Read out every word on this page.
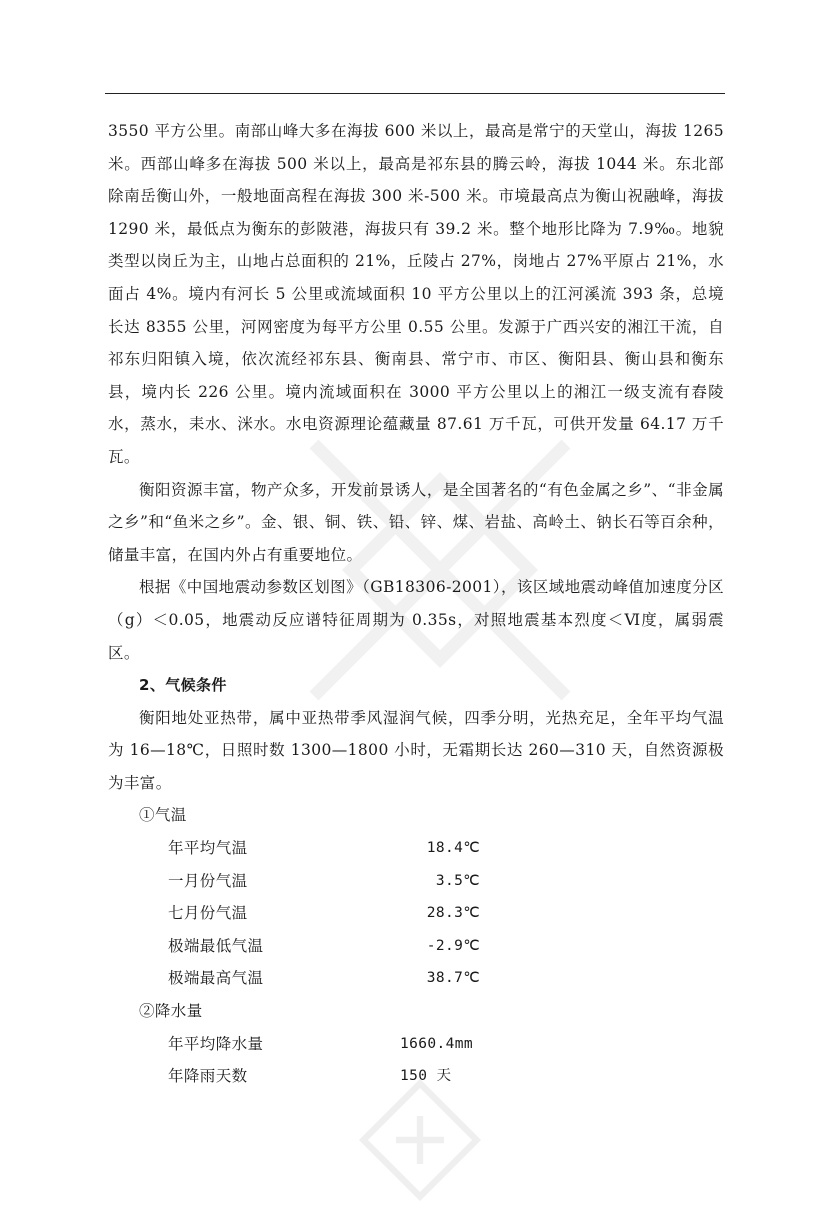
3550 平方公里。南部山峰大多在海拔 600 米以上，最高是常宁的天堂山，海拔 1265 米。西部山峰多在海拔 500 米以上，最高是祁东县的腾云岭，海拔 1044 米。东北部除南岳衡山外，一般地面高程在海拔 300 米-500 米。市境最高点为衡山祝融峰，海拔 1290 米，最低点为衡东的彭陂港，海拔只有 39.2 米。整个地形比降为 7.9‰。地貌类型以岗丘为主，山地占总面积的 21%，丘陵占 27%，岗地占 27%平原占 21%，水面占 4%。境内有河长 5 公里或流域面积 10 平方公里以上的江河溪流 393 条，总境长达 8355 公里，河网密度为每平方公里 0.55 公里。发源于广西兴安的湘江干流，自祁东归阳镇入境，依次流经祁东县、衡南县、常宁市、市区、衡阳县、衡山县和衡东县，境内长 226 公里。境内流域面积在 3000 平方公里以上的湘江一级支流有舂陵水，蒸水，耒水、洣水。水电资源理论蕴藏量 87.61 万千瓦，可供开发量 64.17 万千瓦。

衡阳资源丰富，物产众多，开发前景诱人，是全国著名的“有色金属之乡”、“非金属之乡”和“鱼米之乡”。金、银、铜、铁、铅、锌、煤、岩盐、高岭土、钠长石等百余种，储量丰富，在国内外占有重要地位。

根据《中国地震动参数区划图》（GB18306-2001），该区域地震动峰值加速度分区（g）＜0.05，地震动反应谱特征周期为 0.35s，对照地震基本烈度＜Ⅵ度，属弱震区。

2、气候条件

衡阳地处亚热带，属中亚热带季风湿润气候，四季分明，光热充足，全年平均气温为 16—18℃，日照时数 1300—1800 小时，无霜期长达 260—310 天，自然资源极为丰富。

①气温

年平均气温	18.4℃
一月份气温	3.5℃
七月份气温	28.3℃
极端最低气温	-2.9℃
极端最高气温	38.7℃

②降水量

年平均降水量	1660.4mm
年降雨天数	150 天
